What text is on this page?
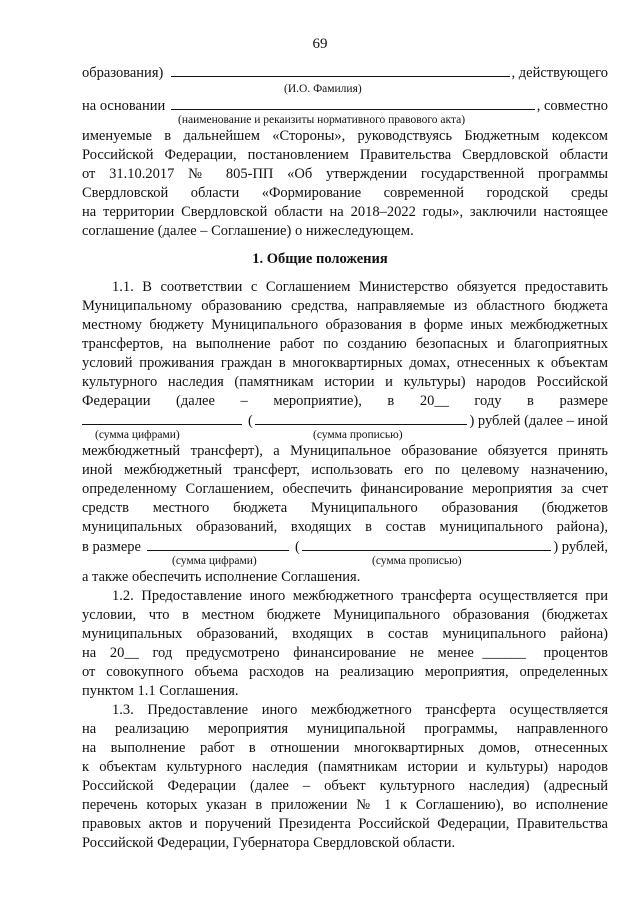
69
образования)	, действующего
(И.О. Фамилия)
на основании	, совместно
(наименование и рекаизиты нормативного правового акта)
именуемые в дальнейшем «Стороны», руководствуясь Бюджетным кодексом
Российской Федерации, постановлением Правительства Свердловской области
от 31.10.2017 № 805-ПП «Об утверждении государственной программы
Свердловской области «Формирование современной городской среды
на территории Свердловской области на 2018–2022 годы», заключили настоящее
соглашение (далее – Соглашение) о нижеследующем.
1. Общие положения
1.1. В соответствии с Соглашением Министерство обязуется предоставить
Муниципальному образованию средства, направляемые из областного бюджета
местному бюджету Муниципального образования в форме иных межбюджетных
трансфертов, на выполнение работ по созданию безопасных и благоприятных
условий проживания граждан в многоквартирных домах, отнесенных к объектам
культурного наследия (памятникам истории и культуры) народов Российской
Федерации (далее – мероприятие), в 20__ году в размере
(	) рублей (далее – иной
(сумма цифрами)	(сумма прописью)
межбюджетный трансферт), а Муниципальное образование обязуется принять
иной межбюджетный трансферт, использовать его по целевому назначению,
определенному Соглашением, обеспечить финансирование мероприятия за счет
средств местного бюджета Муниципального образования (бюджетов
муниципальных образований, входящих в состав муниципального района),
в размере	(	) рублей,
(сумма цифрами)	(сумма прописью)
а также обеспечить исполнение Соглашения.
1.2. Предоставление иного межбюджетного трансферта осуществляется при
условии, что в местном бюджете Муниципального образования (бюджетах
муниципальных образований, входящих в состав муниципального района)
на 20__ год предусмотрено финансирование не менее ______ процентов
от совокупного объема расходов на реализацию мероприятия, определенных
пунктом 1.1 Соглашения.
1.3. Предоставление иного межбюджетного трансферта осуществляется
на реализацию мероприятия муниципальной программы, направленного
на выполнение работ в отношении многоквартирных домов, отнесенных
к объектам культурного наследия (памятникам истории и культуры) народов
Российской Федерации (далее – объект культурного наследия) (адресный
перечень которых указан в приложении № 1 к Соглашению), во исполнение
правовых актов и поручений Президента Российской Федерации, Правительства
Российской Федерации, Губернатора Свердловской области.
